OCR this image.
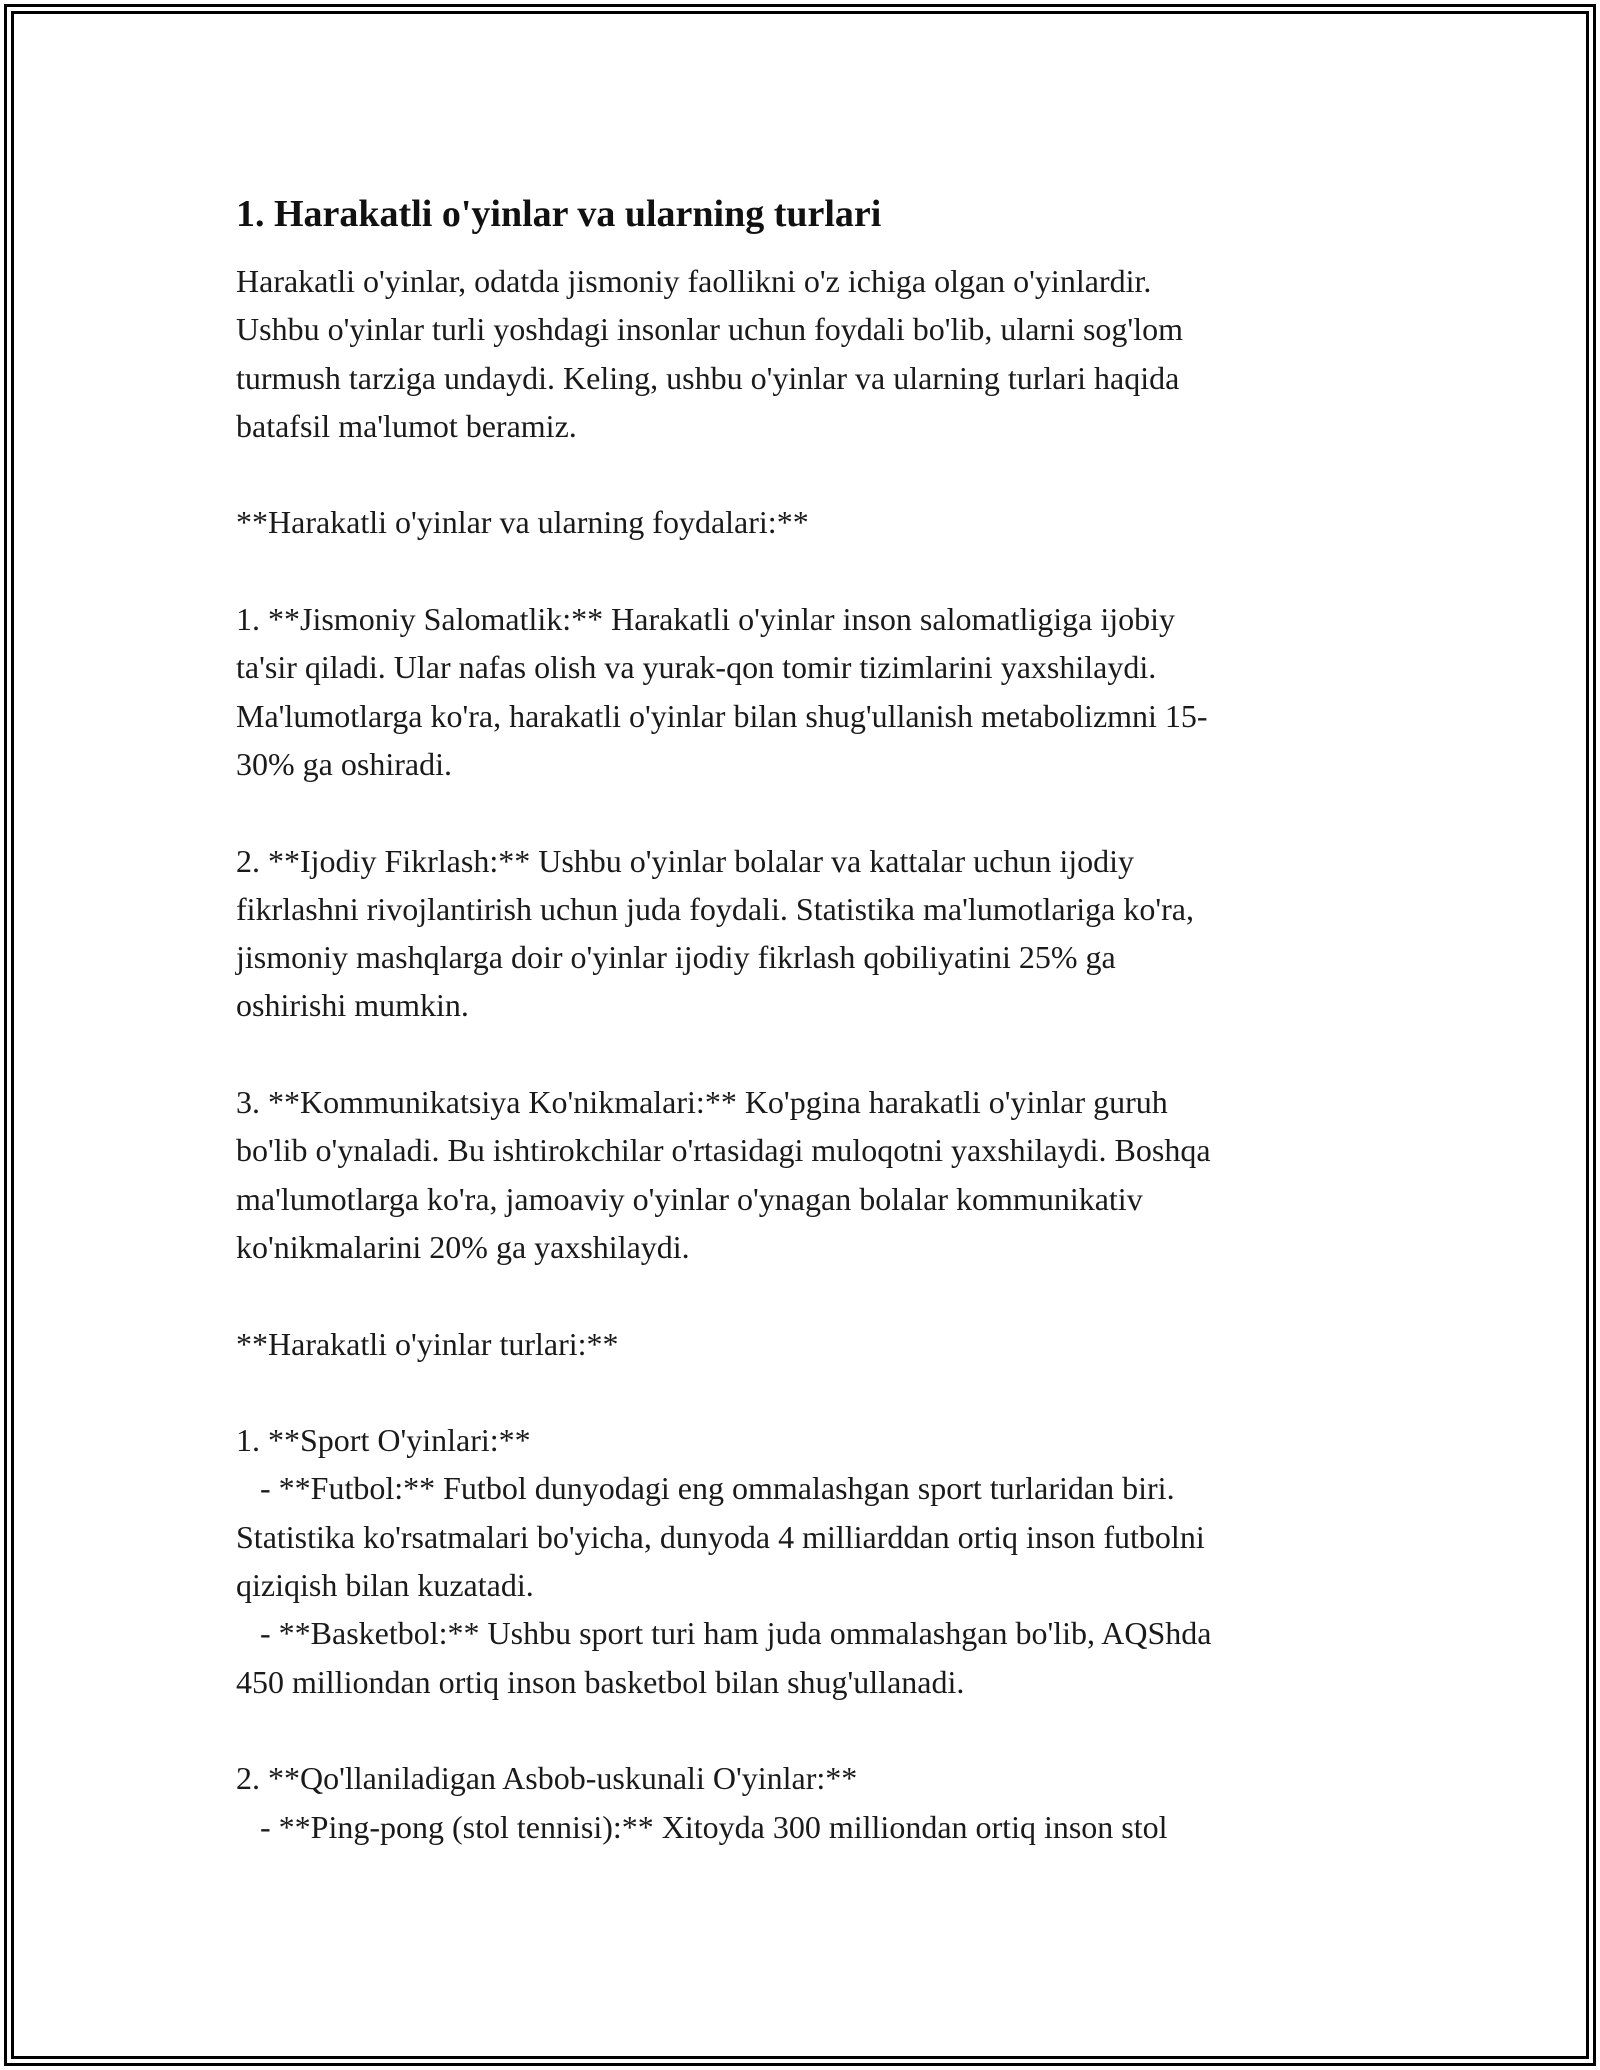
1. Harakatli o'yinlar va ularning turlari
Harakatli o'yinlar, odatda jismoniy faollikni o'z ichiga olgan o'yinlardir.
Ushbu o'yinlar turli yoshdagi insonlar uchun foydali bo'lib, ularni sog'lom
turmush tarziga undaydi. Keling, ushbu o'yinlar va ularning turlari haqida
batafsil ma'lumot beramiz.

**Harakatli o'yinlar va ularning foydalari:**

1. **Jismoniy Salomatlik:** Harakatli o'yinlar inson salomatligiga ijobiy
ta'sir qiladi. Ular nafas olish va yurak-qon tomir tizimlarini yaxshilaydi.
Ma'lumotlarga ko'ra, harakatli o'yinlar bilan shug'ullanish metabolizmni 15-
30% ga oshiradi.

2. **Ijodiy Fikrlash:** Ushbu o'yinlar bolalar va kattalar uchun ijodiy
fikrlashni rivojlantirish uchun juda foydali. Statistika ma'lumotlariga ko'ra,
jismoniy mashqlarga doir o'yinlar ijodiy fikrlash qobiliyatini 25% ga
oshirishi mumkin.

3. **Kommunikatsiya Ko'nikmalari:** Ko'pgina harakatli o'yinlar guruh
bo'lib o'ynaladi. Bu ishtirokchilar o'rtasidagi muloqotni yaxshilaydi. Boshqa
ma'lumotlarga ko'ra, jamoaviy o'yinlar o'ynagan bolalar kommunikativ
ko'nikmalarini 20% ga yaxshilaydi.

**Harakatli o'yinlar turlari:**

1. **Sport O'yinlari:**
- **Futbol:** Futbol dunyodagi eng ommalashgan sport turlaridan biri.
Statistika ko'rsatmalari bo'yicha, dunyoda 4 milliarddan ortiq inson futbolni
qiziqish bilan kuzatadi.
- **Basketbol:** Ushbu sport turi ham juda ommalashgan bo'lib, AQShda
450 milliondan ortiq inson basketbol bilan shug'ullanadi.

2. **Qo'llaniladigan Asbob-uskunali O'yinlar:**
- **Ping-pong (stol tennisi):** Xitoyda 300 milliondan ortiq inson stol
